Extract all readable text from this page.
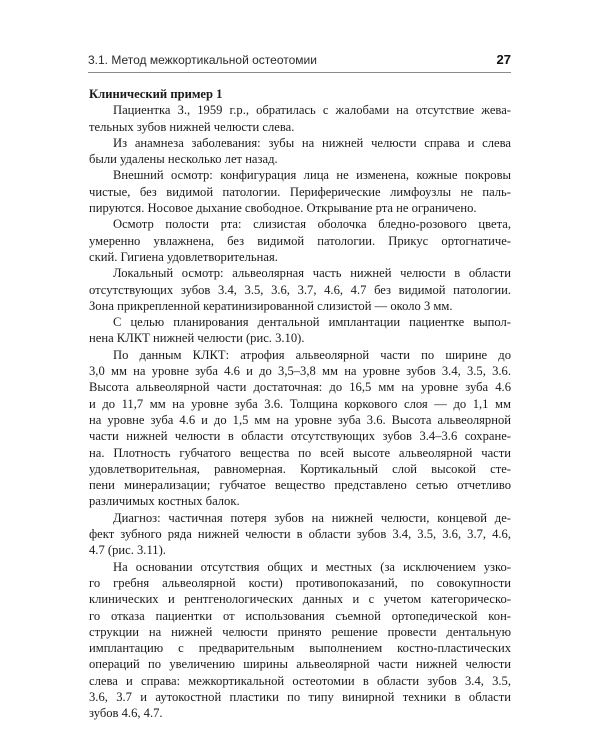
3.1. Метод межкортикальной остеотомии	27
Клинический пример 1
Пациентка З., 1959 г.р., обратилась с жалобами на отсутствие жева-
тельных зубов нижней челюсти слева.
Из анамнеза заболевания: зубы на нижней челюсти справа и слева
были удалены несколько лет назад.
Внешний осмотр: конфигурация лица не изменена, кожные покровы
чистые, без видимой патологии. Периферические лимфоузлы не паль-
пируются. Носовое дыхание свободное. Открывание рта не ограничено.
Осмотр полости рта: слизистая оболочка бледно-розового цвета,
умеренно увлажнена, без видимой патологии. Прикус ортогнатиче-
ский. Гигиена удовлетворительная.
Локальный осмотр: альвеолярная часть нижней челюсти в области
отсутствующих зубов 3.4, 3.5, 3.6, 3.7, 4.6, 4.7 без видимой патологии.
Зона прикрепленной кератинизированной слизистой — около 3 мм.
С целью планирования дентальной имплантации пациентке выпол-
нена КЛКТ нижней челюсти (рис. 3.10).
По данным КЛКТ: атрофия альвеолярной части по ширине до
3,0 мм на уровне зуба 4.6 и до 3,5–3,8 мм на уровне зубов 3.4, 3.5, 3.6.
Высота альвеолярной части достаточная: до 16,5 мм на уровне зуба 4.6
и до 11,7 мм на уровне зуба 3.6. Толщина коркового слоя — до 1,1 мм
на уровне зуба 4.6 и до 1,5 мм на уровне зуба 3.6. Высота альвеолярной
части нижней челюсти в области отсутствующих зубов 3.4–3.6 сохране-
на. Плотность губчатого вещества по всей высоте альвеолярной части
удовлетворительная, равномерная. Кортикальный слой высокой сте-
пени минерализации; губчатое вещество представлено сетью отчетливо
различимых костных балок.
Диагноз: частичная потеря зубов на нижней челюсти, концевой де-
фект зубного ряда нижней челюсти в области зубов 3.4, 3.5, 3.6, 3.7, 4.6,
4.7 (рис. 3.11).
На основании отсутствия общих и местных (за исключением узко-
го гребня альвеолярной кости) противопоказаний, по совокупности
клинических и рентгенологических данных и с учетом категорическо-
го отказа пациентки от использования съемной ортопедической кон-
струкции на нижней челюсти принято решение провести дентальную
имплантацию с предварительным выполнением костно-пластических
операций по увеличению ширины альвеолярной части нижней челюсти
слева и справа: межкортикальной остеотомии в области зубов 3.4, 3.5,
3.6, 3.7 и аутокостной пластики по типу винирной техники в области
зубов 4.6, 4.7.
